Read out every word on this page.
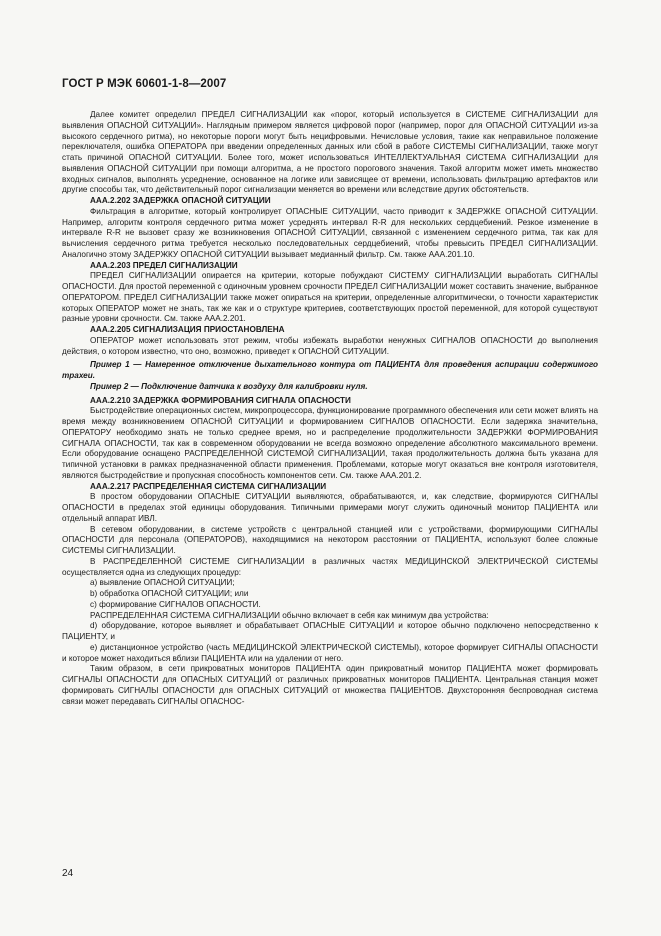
ГОСТ Р МЭК 60601-1-8—2007

Далее комитет определил ПРЕДЕЛ СИГНАЛИЗАЦИИ как «порог, который используется в СИСТЕМЕ СИГНАЛИЗАЦИИ для выявления ОПАСНОЙ СИТУАЦИИ». Наглядным примером является цифровой порог (например, порог для ОПАСНОЙ СИТУАЦИИ из-за высокого сердечного ритма), но некоторые пороги могут быть нецифровыми. Нечисловые условия, такие как неправильное положение переключателя, ошибка ОПЕРАТОРА при введении определенных данных или сбой в работе СИСТЕМЫ СИГНАЛИЗАЦИИ, также могут стать причиной ОПАСНОЙ СИТУАЦИИ. Более того, может использоваться ИНТЕЛЛЕКТУАЛЬНАЯ СИСТЕМА СИГНАЛИЗАЦИИ для выявления ОПАСНОЙ СИТУАЦИИ при помощи алгоритма, а не простого порогового значения. Такой алгоритм может иметь множество входных сигналов, выполнять усреднение, основанное на логике или зависящее от времени, использовать фильтрацию артефактов или другие способы так, что действительный порог сигнализации меняется во времени или вследствие других обстоятельств.

ААА.2.202 ЗАДЕРЖКА ОПАСНОЙ СИТУАЦИИ

Фильтрация в алгоритме, который контролирует ОПАСНЫЕ СИТУАЦИИ, часто приводит к ЗАДЕРЖКЕ ОПАСНОЙ СИТУАЦИИ. Например, алгоритм контроля сердечного ритма может усреднять интервал R-R для нескольких сердцебиений. Резкое изменение в интервале R-R не вызовет сразу же возникновения ОПАСНОЙ СИТУАЦИИ, связанной с изменением сердечного ритма, так как для вычисления сердечного ритма требуется несколько последовательных сердцебиений, чтобы превысить ПРЕДЕЛ СИГНАЛИЗАЦИИ. Аналогично этому ЗАДЕРЖКУ ОПАСНОЙ СИТУАЦИИ вызывает медианный фильтр. См. также ААА.201.10.

ААА.2.203 ПРЕДЕЛ СИГНАЛИЗАЦИИ

ПРЕДЕЛ СИГНАЛИЗАЦИИ опирается на критерии, которые побуждают СИСТЕМУ СИГНАЛИЗАЦИИ выработать СИГНАЛЫ ОПАСНОСТИ. Для простой переменной с одиночным уровнем срочности ПРЕДЕЛ СИГНАЛИЗАЦИИ может составить значение, выбранное ОПЕРАТОРОМ. ПРЕДЕЛ СИГНАЛИЗАЦИИ также может опираться на критерии, определенные алгоритмически, о точности характеристик которых ОПЕРАТОР может не знать, так же как и о структуре критериев, соответствующих простой переменной, для которой существуют разные уровни срочности. См. также ААА.2.201.

ААА.2.205 СИГНАЛИЗАЦИЯ ПРИОСТАНОВЛЕНА

ОПЕРАТОР может использовать этот режим, чтобы избежать выработки ненужных СИГНАЛОВ ОПАСНОСТИ до выполнения действия, о котором известно, что оно, возможно, приведет к ОПАСНОЙ СИТУАЦИИ.

Пример 1 — Намеренное отключение дыхательного контура от ПАЦИЕНТА для проведения аспирации содержимого трахеи.

Пример 2 — Подключение датчика к воздуху для калибровки нуля.

ААА.2.210 ЗАДЕРЖКА ФОРМИРОВАНИЯ СИГНАЛА ОПАСНОСТИ

Быстродействие операционных систем, микропроцессора, функционирование программного обеспечения или сети может влиять на время между возникновением ОПАСНОЙ СИТУАЦИИ и формированием СИГНАЛОВ ОПАСНОСТИ. Если задержка значительна, ОПЕРАТОРУ необходимо знать не только среднее время, но и распределение продолжительности ЗАДЕРЖКИ ФОРМИРОВАНИЯ СИГНАЛА ОПАСНОСТИ, так как в современном оборудовании не всегда возможно определение абсолютного максимального времени. Если оборудование оснащено РАСПРЕДЕЛЕННОЙ СИСТЕМОЙ СИГНАЛИЗАЦИИ, такая продолжительность должна быть указана для типичной установки в рамках предназначенной области применения. Проблемами, которые могут оказаться вне контроля изготовителя, являются быстродействие и пропускная способность компонентов сети. См. также ААА.201.2.

ААА.2.217 РАСПРЕДЕЛЕННАЯ СИСТЕМА СИГНАЛИЗАЦИИ

В простом оборудовании ОПАСНЫЕ СИТУАЦИИ выявляются, обрабатываются, и, как следствие, формируются СИГНАЛЫ ОПАСНОСТИ в пределах этой единицы оборудования. Типичными примерами могут служить одиночный монитор ПАЦИЕНТА или отдельный аппарат ИВЛ.

В сетевом оборудовании, в системе устройств с центральной станцией или с устройствами, формирующими СИГНАЛЫ ОПАСНОСТИ для персонала (ОПЕРАТОРОВ), находящимися на некотором расстоянии от ПАЦИЕНТА, используют более сложные СИСТЕМЫ СИГНАЛИЗАЦИИ.

В РАСПРЕДЕЛЕННОЙ СИСТЕМЕ СИГНАЛИЗАЦИИ в различных частях МЕДИЦИНСКОЙ ЭЛЕКТРИЧЕСКОЙ СИСТЕМЫ осуществляется одна из следующих процедур:

а) выявление ОПАСНОЙ СИТУАЦИИ;

b) обработка ОПАСНОЙ СИТУАЦИИ; или

с) формирование СИГНАЛОВ ОПАСНОСТИ.

РАСПРЕДЕЛЕННАЯ СИСТЕМА СИГНАЛИЗАЦИИ обычно включает в себя как минимум два устройства:

d) оборудование, которое выявляет и обрабатывает ОПАСНЫЕ СИТУАЦИИ и которое обычно подключено непосредственно к ПАЦИЕНТУ, и

е) дистанционное устройство (часть МЕДИЦИНСКОЙ ЭЛЕКТРИЧЕСКОЙ СИСТЕМЫ), которое формирует СИГНАЛЫ ОПАСНОСТИ и которое может находиться вблизи ПАЦИЕНТА или на удалении от него.

Таким образом, в сети прикроватных мониторов ПАЦИЕНТА один прикроватный монитор ПАЦИЕНТА может формировать СИГНАЛЫ ОПАСНОСТИ для ОПАСНЫХ СИТУАЦИЙ от различных прикроватных мониторов ПАЦИЕНТА. Центральная станция может формировать СИГНАЛЫ ОПАСНОСТИ для ОПАСНЫХ СИТУАЦИЙ от множества ПАЦИЕНТОВ. Двухсторонняя беспроводная система связи может передавать СИГНАЛЫ ОПАСНОС-

24
